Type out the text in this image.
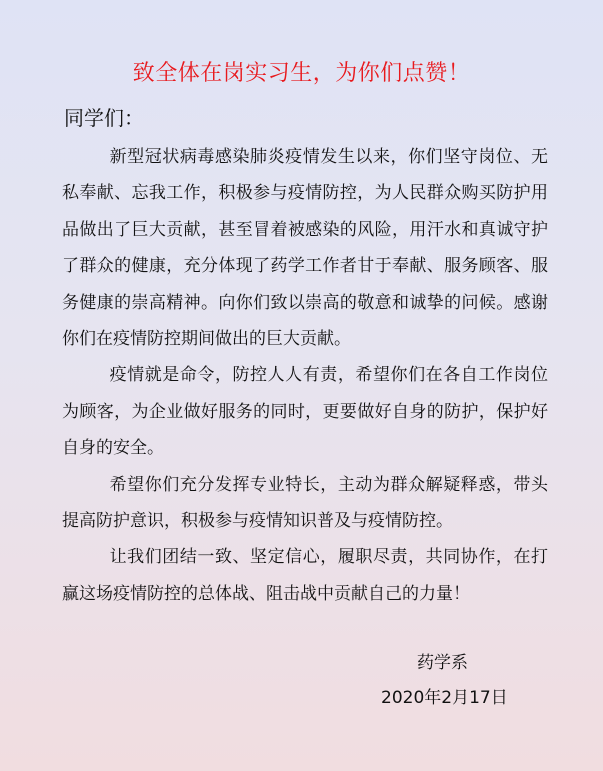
致全体在岗实习生，为你们点赞！
同学们：

新型冠状病毒感染肺炎疫情发生以来，你们坚守岗位、无私奉献、忘我工作，积极参与疫情防控，为人民群众购买防护用品做出了巨大贡献，甚至冒着被感染的风险，用汗水和真诚守护了群众的健康，充分体现了药学工作者甘于奉献、服务顾客、服务健康的崇高精神。向你们致以崇高的敬意和诚挚的问候。感谢你们在疫情防控期间做出的巨大贡献。

疫情就是命令，防控人人有责，希望你们在各自工作岗位为顾客，为企业做好服务的同时，更要做好自身的防护，保护好自身的安全。

希望你们充分发挥专业特长，主动为群众解疑释惑，带头提高防护意识，积极参与疫情知识普及与疫情防控。

让我们团结一致、坚定信心，履职尽责，共同协作，在打赢这场疫情防控的总体战、阻击战中贡献自己的力量！

药学系
2020年2月17日
